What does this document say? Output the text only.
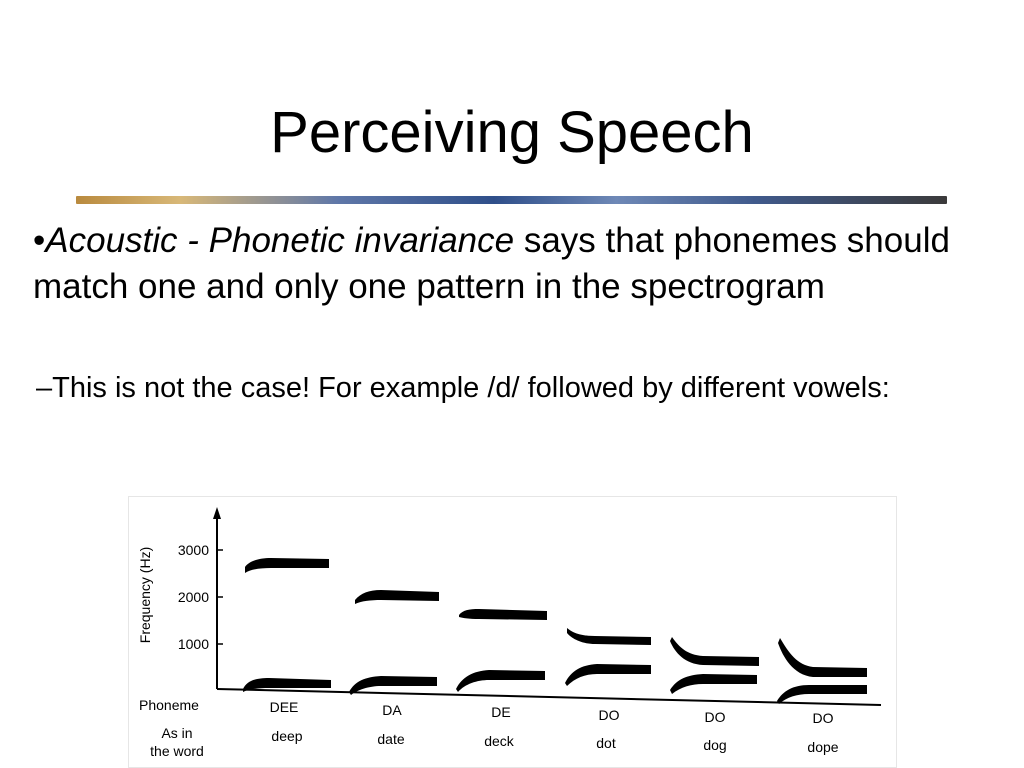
Perceiving Speech
•Acoustic - Phonetic invariance says that phonemes should match one and only one pattern in the spectrogram
–This is not the case! For example /d/ followed by different vowels:
3000
2000
1000
Frequency (Hz)
Phoneme
As in
the word
DEE	DA	DE	DO	DO	DO
deep	date	deck	dot	dog	dope
